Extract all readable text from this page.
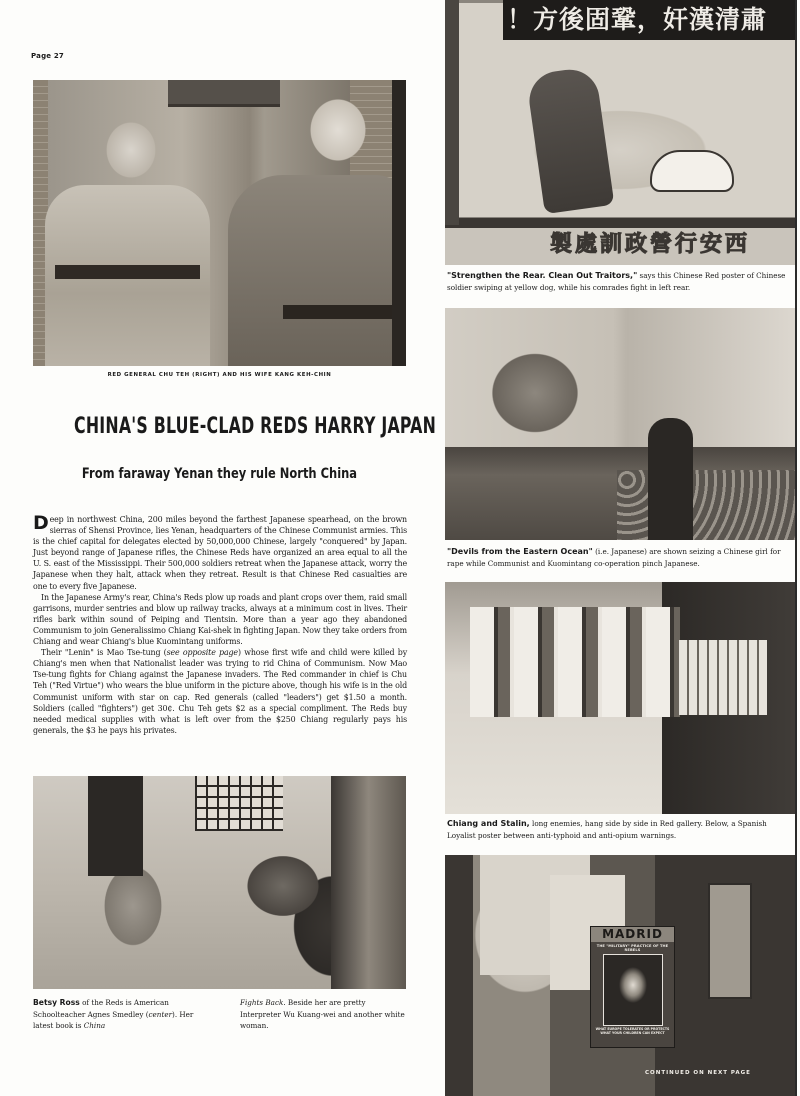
Page 27
RED GENERAL CHU TEH (RIGHT) AND HIS WIFE KANG KEH-CHIN
CHINA'S BLUE-CLAD REDS HARRY JAPAN
From faraway Yenan they rule North China

Deep in northwest China, 200 miles beyond the farthest Japanese spearhead, on the brown sierras of Shensi Province, lies Yenan, headquarters of the Chinese Communist armies. This is the chief capital for delegates elected by 50,000,000 Chinese, largely "conquered" by Japan. Just beyond range of Japanese rifles, the Chinese Reds have organized an area equal to all the U. S. east of the Mississippi. Their 500,000 soldiers retreat when the Japanese attack, worry the Japanese when they halt, attack when they retreat. Result is that Chinese Red casualties are one to every five Japanese.

In the Japanese Army's rear, China's Reds plow up roads and plant crops over them, raid small garrisons, murder sentries and blow up railway tracks, always at a minimum cost in lives. Their rifles bark within sound of Peiping and Tientsin. More than a year ago they abandoned Communism to join Generalissimo Chiang Kai-shek in fighting Japan. Now they take orders from Chiang and wear Chiang's blue Kuomintang uniforms.

Their "Lenin" is Mao Tse-tung (see opposite page) whose first wife and child were killed by Chiang's men when that Nationalist leader was trying to rid China of Communism. Now Mao Tse-tung fights for Chiang against the Japanese invaders. The Red commander in chief is Chu Teh ("Red Virtue") who wears the blue uniform in the picture above, though his wife is in the old Communist uniform with star on cap. Red generals (called "leaders") get $1.50 a month. Soldiers (called "fighters") get 30¢. Chu Teh gets $2 as a special compliment. The Reds buy needed medical supplies with what is left over from the $250 Chiang regularly pays his generals, the $3 he pays his privates.

Betsy Ross of the Reds is American Schoolteacher Agnes Smedley (center). Her latest book is China
Fights Back. Beside her are pretty Interpreter Wu Kuang-wei and another white woman.
！方後固鞏，奸漢清肅
製處訓政營行安西
"Strengthen the Rear. Clean Out Traitors," says this Chinese Red poster of Chinese soldier swiping at yellow dog, while his comrades fight in left rear.
"Devils from the Eastern Ocean" (i.e. Japanese) are shown seizing a Chinese girl for rape while Communist and Kuomintang co-operation pinch Japanese.
Chiang and Stalin, long enemies, hang side by side in Red gallery. Below, a Spanish Loyalist poster between anti-typhoid and anti-opium warnings.
MADRID
THE "MILITARY" PRACTICE OF THE REBELS
WHAT EUROPE TOLERATES OR PROTECTS
WHAT YOUR CHILDREN CAN EXPECT
CONTINUED ON NEXT PAGE
